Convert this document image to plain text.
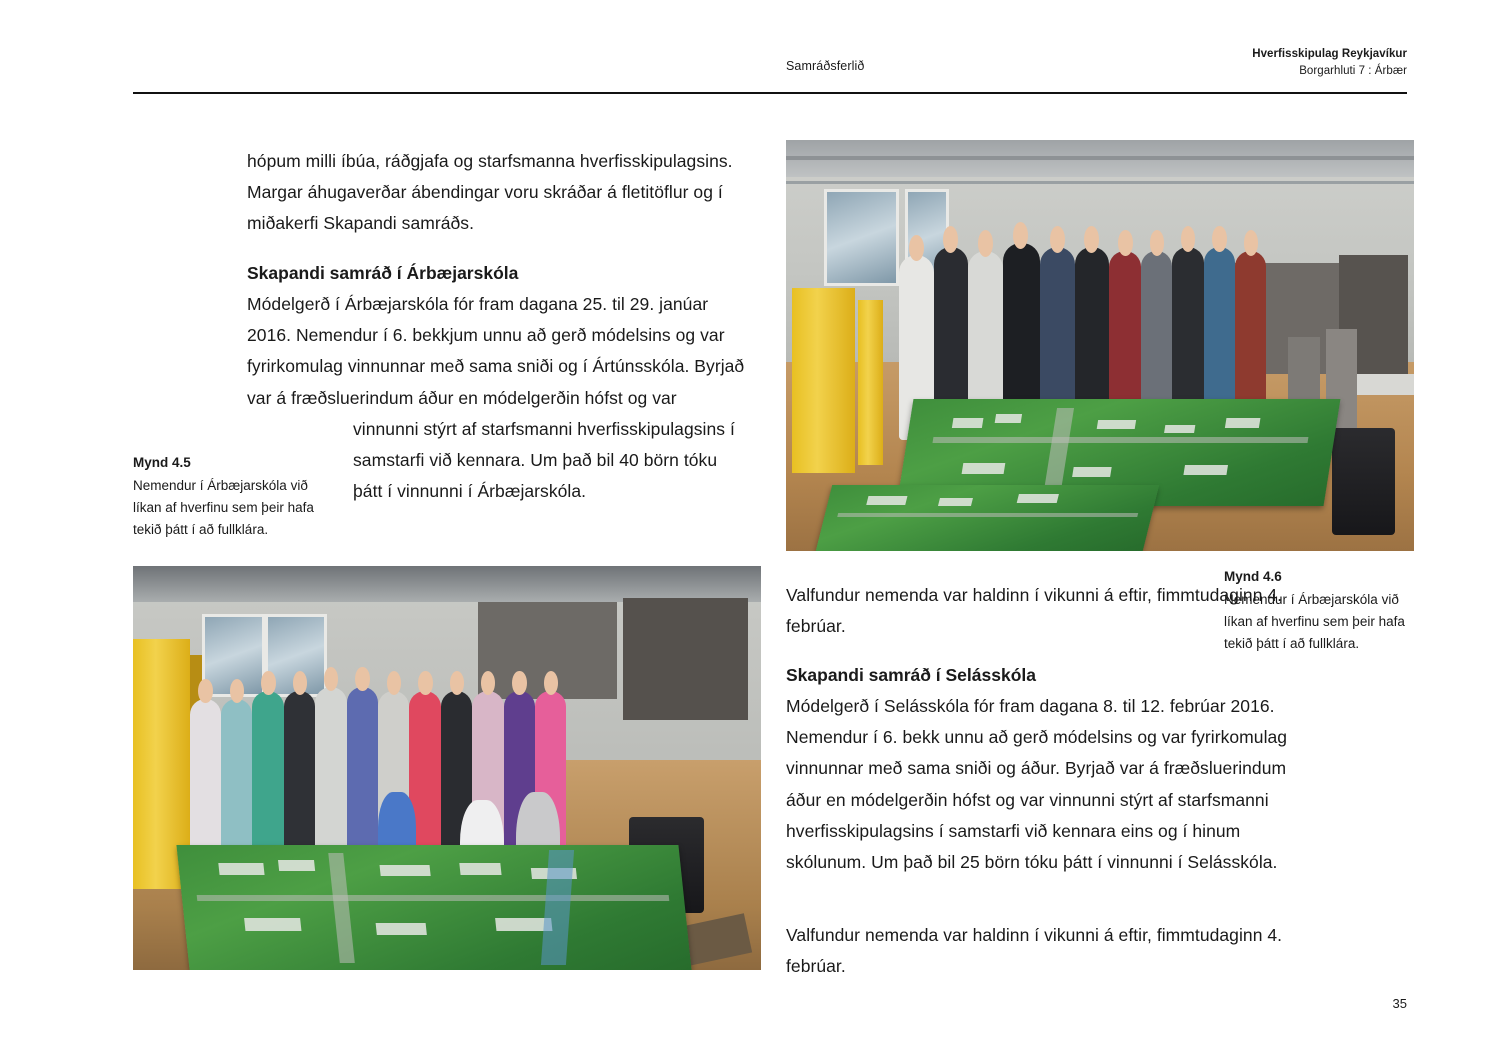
Samráðsferlið
Hverfisskipulag Reykjavíkur
Borgarhluti 7 : Árbær
hópum milli íbúa, ráðgjafa og starfsmanna hverfisskipulagsins. Margar áhugaverðar ábendingar voru skráðar á fletitöflur og í miðakerfi Skapandi samráðs.
Skapandi samráð í Árbæjarskóla
Módelgerð í Árbæjarskóla fór fram dagana 25. til 29. janúar 2016. Nemendur í 6. bekkjum unnu að gerð módelsins og var fyrirkomulag vinnunnar með sama sniði og í Ártúnsskóla. Byrjað var á fræðsluerindum áður en módelgerðin hófst og var
vinnunni stýrt af starfsmanni hverfisskipulagsins í samstarfi við kennara. Um það bil 40 börn tóku þátt í vinnunni í Árbæjarskóla.
Mynd 4.5
Nemendur í Árbæjarskóla við líkan af hverfinu sem þeir hafa tekið þátt í að fullklára.
Mynd 4.6
Nemendur í Árbæjarskóla við líkan af hverfinu sem þeir hafa tekið þátt í að fullklára.
Valfundur nemenda var haldinn í vikunni á eftir, fimmtudaginn 4. febrúar.
Skapandi samráð í Selásskóla
Módelgerð í Selásskóla fór fram dagana 8. til 12. febrúar 2016. Nemendur í 6. bekk unnu að gerð módelsins og var fyrirkomulag vinnunnar með sama sniði og áður. Byrjað var á fræðsluerindum áður en módelgerðin hófst og var vinnunni stýrt af starfsmanni hverfisskipulagsins í samstarfi við kennara eins og í hinum skólunum. Um það bil 25 börn tóku þátt í vinnunni í Selásskóla.
Valfundur nemenda var haldinn í vikunni á eftir, fimmtudaginn 4. febrúar.
35
